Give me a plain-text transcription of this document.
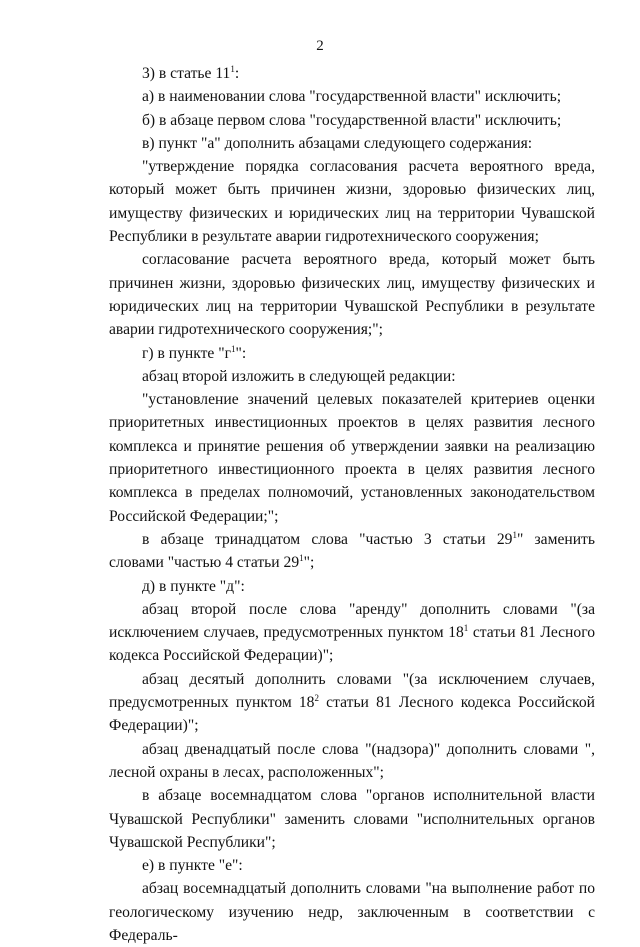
2

3) в статье $11^1$:

а) в наименовании слова "государственной власти" исключить;

б) в абзаце первом слова "государственной власти" исключить;

в) пункт "а" дополнить абзацами следующего содержания:

"утверждение порядка согласования расчета вероятного вреда, который может быть причинен жизни, здоровью физических лиц, имуществу физических и юридических лиц на территории Чувашской Республики в результате аварии гидротехнического сооружения;

согласование расчета вероятного вреда, который может быть причинен жизни, здоровью физических лиц, имуществу физических и юридических лиц на территории Чувашской Республики в результате аварии гидротехнического сооружения;";

г) в пункте "$г^1$":

абзац второй изложить в следующей редакции:

"установление значений целевых показателей критериев оценки приоритетных инвестиционных проектов в целях развития лесного комплекса и принятие решения об утверждении заявки на реализацию приоритетного инвестиционного проекта в целях развития лесного комплекса в пределах полномочий, установленных законодательством Российской Федерации;";

в абзаце тринадцатом слова "частью 3 статьи $29^1$" заменить словами "частью 4 статьи $29^1$";

д) в пункте "д":

абзац второй после слова "аренду" дополнить словами "(за исключением случаев, предусмотренных пунктом $18^1$ статьи 81 Лесного кодекса Российской Федерации)";

абзац десятый дополнить словами "(за исключением случаев, предусмотренных пунктом $18^2$ статьи 81 Лесного кодекса Российской Федерации)";

абзац двенадцатый после слова "(надзора)" дополнить словами ", лесной охраны в лесах, расположенных";

в абзаце восемнадцатом слова "органов исполнительной власти Чувашской Республики" заменить словами "исполнительных органов Чувашской Республики";

е) в пункте "е":

абзац восемнадцатый дополнить словами "на выполнение работ по геологическому изучению недр, заключенным в соответствии с Федераль-
